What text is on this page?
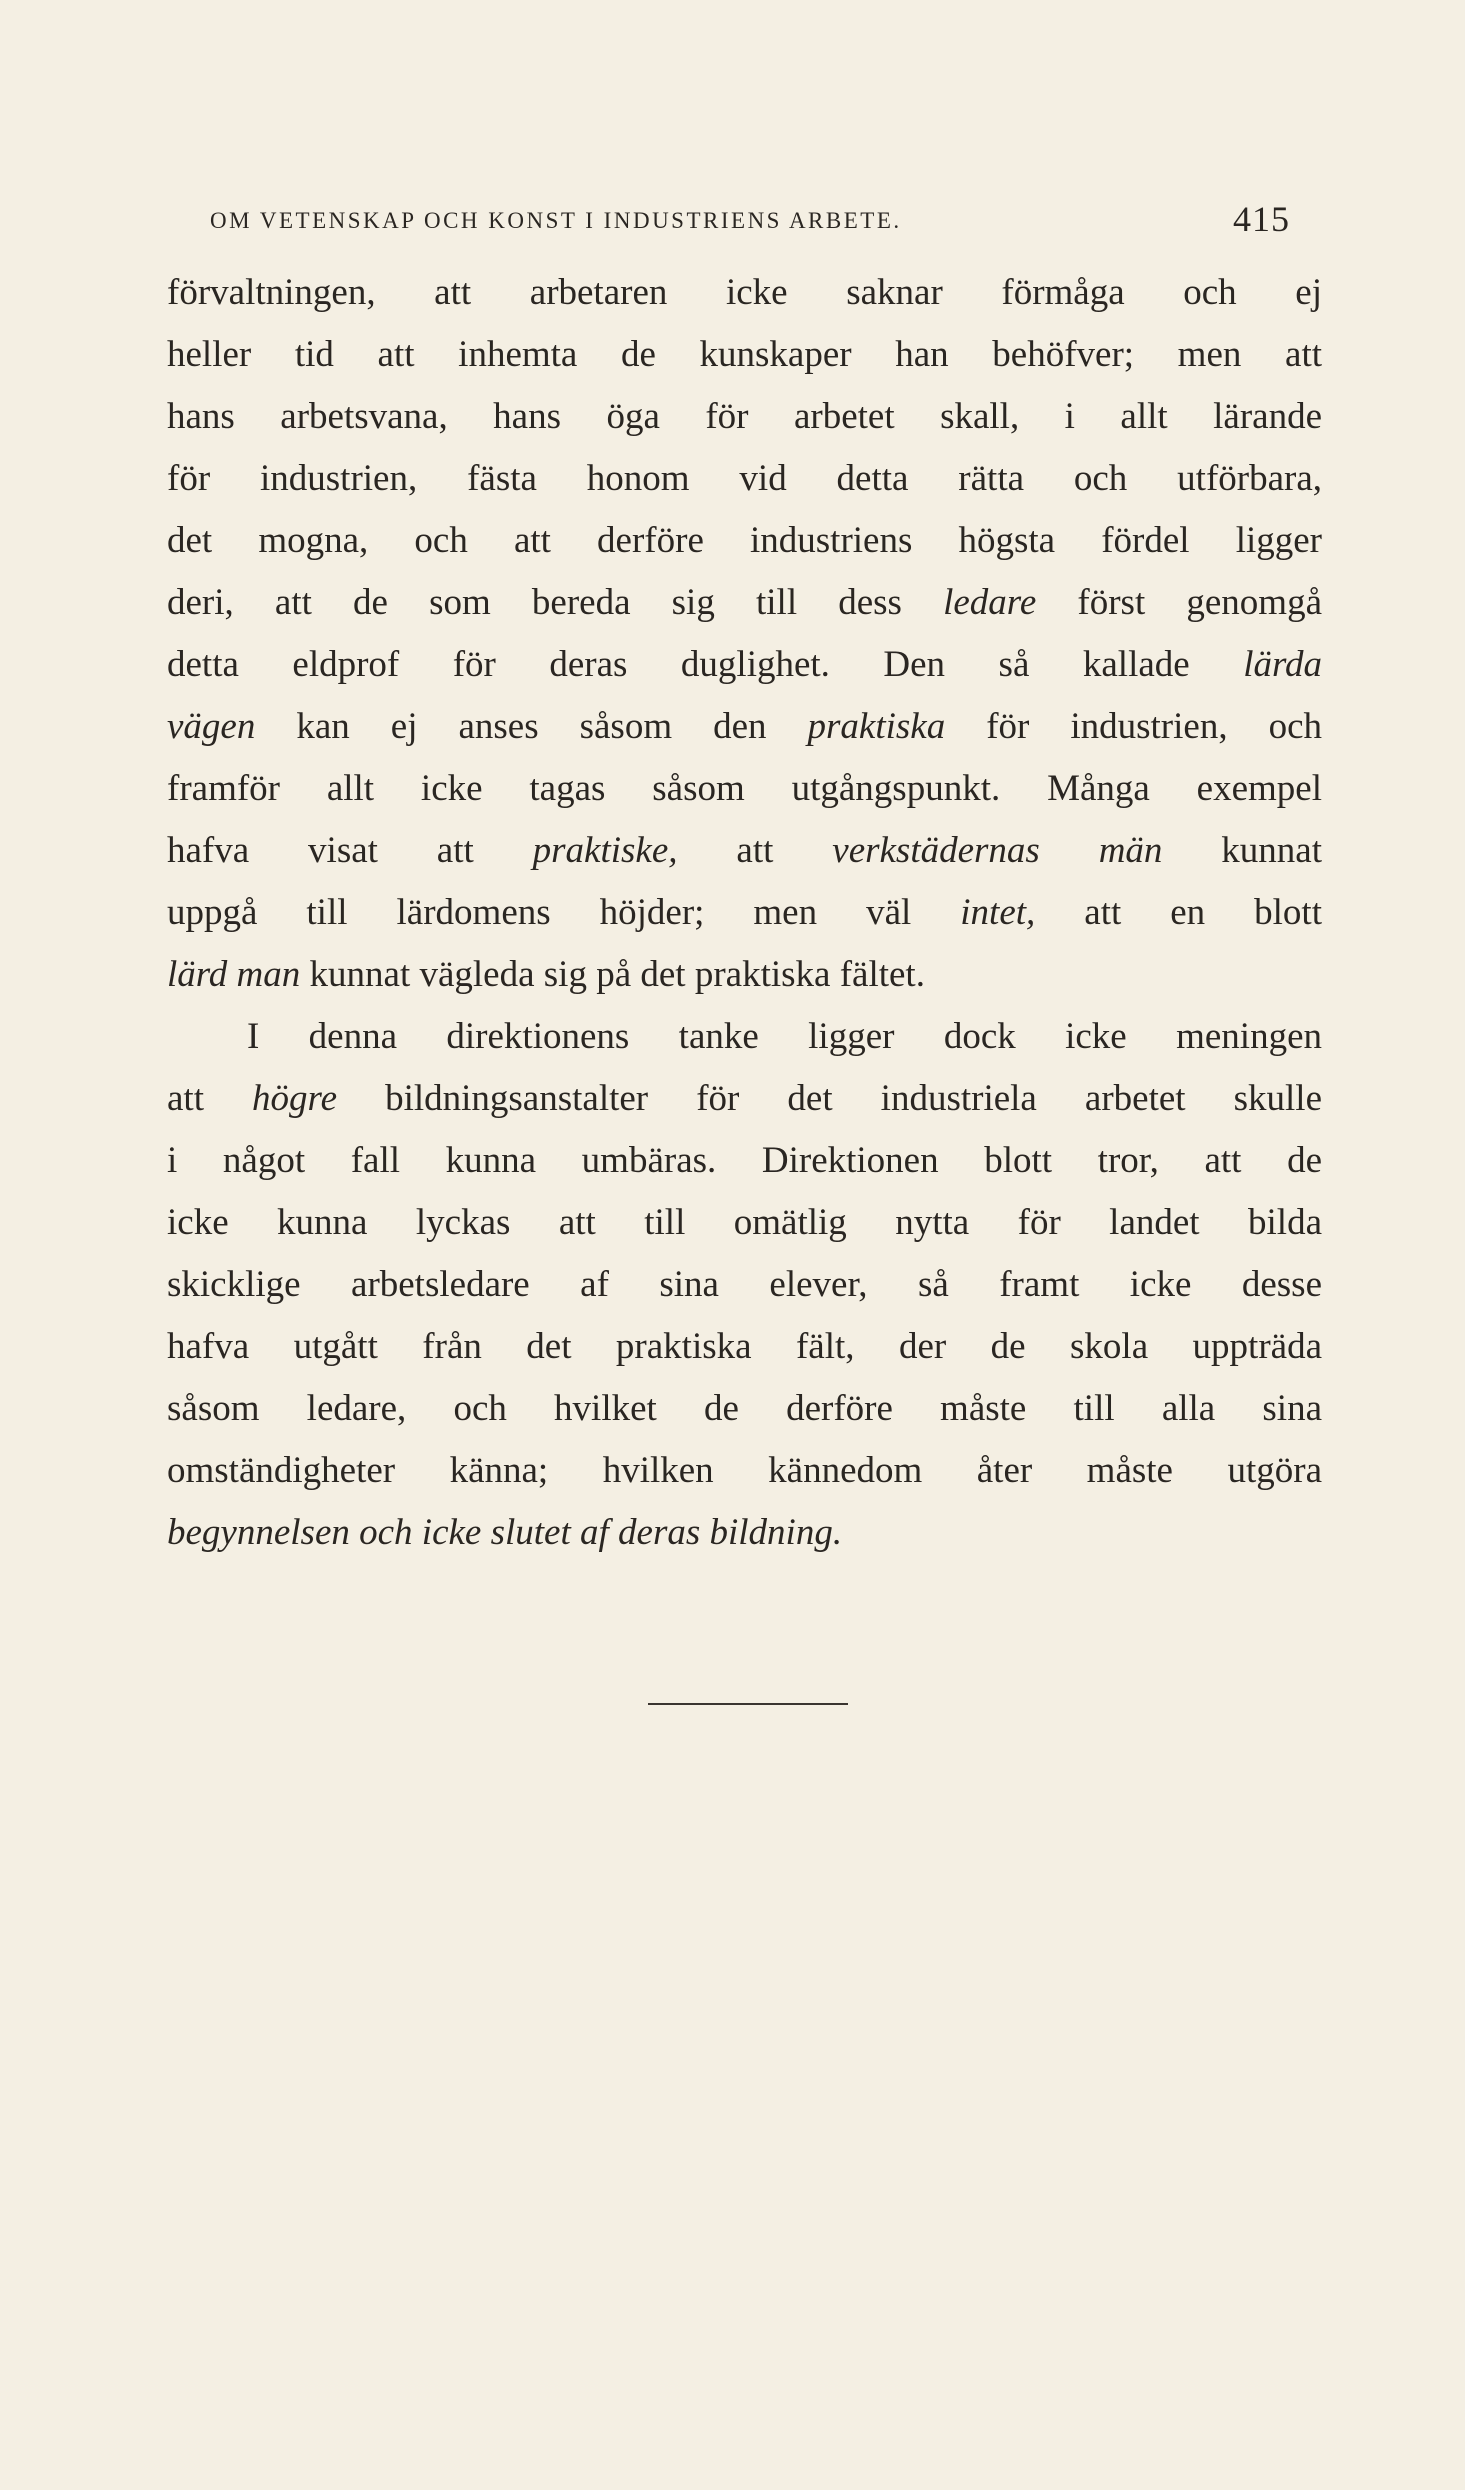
OM VETENSKAP OCH KONST I INDUSTRIENS ARBETE.	415
förvaltningen, att arbetaren icke saknar förmåga och ej
heller tid att inhemta de kunskaper han behöfver; men att
hans arbetsvana, hans öga för arbetet skall, i allt lärande
för industrien, fästa honom vid detta rätta och utförbara,
det mogna, och att derföre industriens högsta fördel ligger
deri, att de som bereda sig till dess ledare först genomgå
detta eldprof för deras duglighet. Den så kallade lärda
vägen kan ej anses såsom den praktiska för industrien, och
framför allt icke tagas såsom utgångspunkt. Många exempel
hafva visat att praktiske, att verkstädernas män kunnat
uppgå till lärdomens höjder; men väl intet, att en blott
lärd man kunnat vägleda sig på det praktiska fältet.
I denna direktionens tanke ligger dock icke meningen
att högre bildningsanstalter för det industriela arbetet skulle
i något fall kunna umbäras. Direktionen blott tror, att de
icke kunna lyckas att till omätlig nytta för landet bilda
skicklige arbetsledare af sina elever, så framt icke desse
hafva utgått från det praktiska fält, der de skola uppträda
såsom ledare, och hvilket de derföre måste till alla sina
omständigheter känna; hvilken kännedom åter måste utgöra
begynnelsen och icke slutet af deras bildning.
